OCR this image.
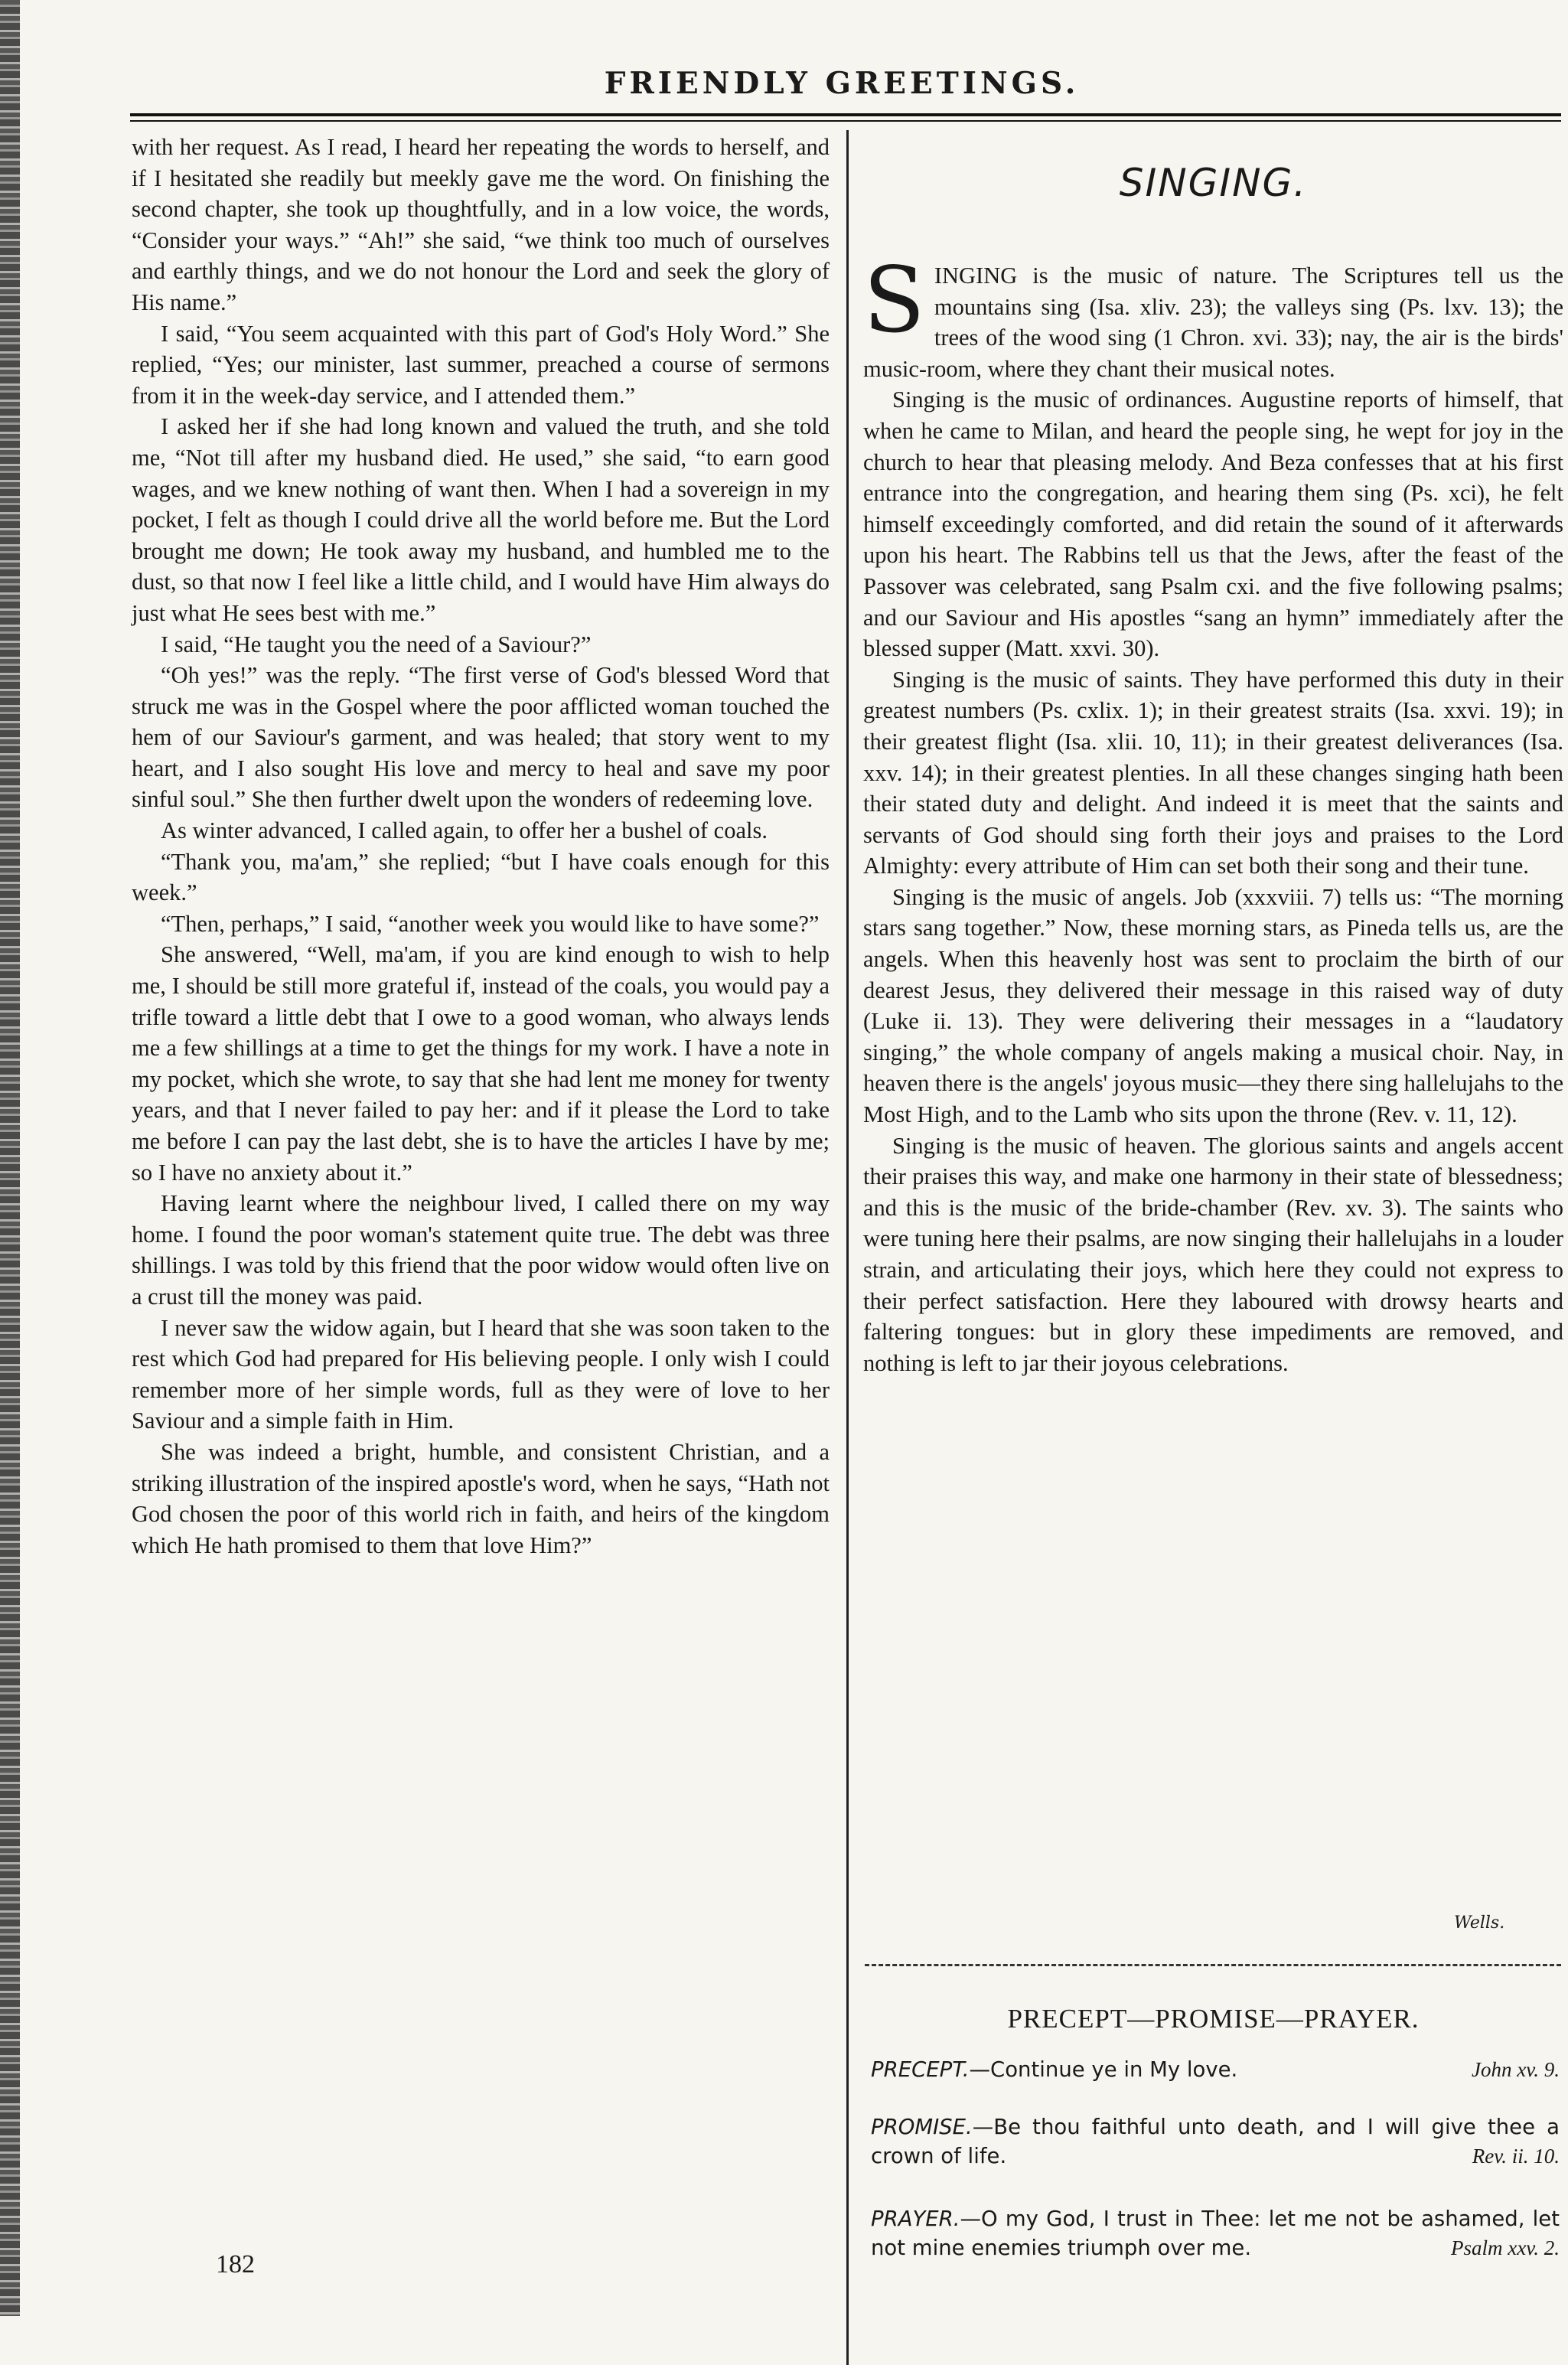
FRIENDLY GREETINGS.

with her request. As I read, I heard her repeating the words to herself, and if I hesitated she readily but meekly gave me the word. On finishing the second chapter, she took up thoughtfully, and in a low voice, the words, “Consider your ways.” “Ah!” she said, “we think too much of ourselves and earthly things, and we do not honour the Lord and seek the glory of His name.”

I said, “You seem acquainted with this part of God's Holy Word.” She replied, “Yes; our minister, last summer, preached a course of sermons from it in the week-day service, and I attended them.”

I asked her if she had long known and valued the truth, and she told me, “Not till after my husband died. He used,” she said, “to earn good wages, and we knew nothing of want then. When I had a sovereign in my pocket, I felt as though I could drive all the world before me. But the Lord brought me down; He took away my husband, and humbled me to the dust, so that now I feel like a little child, and I would have Him always do just what He sees best with me.”

I said, “He taught you the need of a Saviour?”

“Oh yes!” was the reply. “The first verse of God's blessed Word that struck me was in the Gospel where the poor afflicted woman touched the hem of our Saviour's garment, and was healed; that story went to my heart, and I also sought His love and mercy to heal and save my poor sinful soul.” She then further dwelt upon the wonders of redeeming love.

As winter advanced, I called again, to offer her a bushel of coals.

“Thank you, ma'am,” she replied; “but I have coals enough for this week.”

“Then, perhaps,” I said, “another week you would like to have some?”

She answered, “Well, ma'am, if you are kind enough to wish to help me, I should be still more grateful if, instead of the coals, you would pay a trifle toward a little debt that I owe to a good woman, who always lends me a few shillings at a time to get the things for my work. I have a note in my pocket, which she wrote, to say that she had lent me money for twenty years, and that I never failed to pay her: and if it please the Lord to take me before I can pay the last debt, she is to have the articles I have by me; so I have no anxiety about it.”

Having learnt where the neighbour lived, I called there on my way home. I found the poor woman's statement quite true. The debt was three shillings. I was told by this friend that the poor widow would often live on a crust till the money was paid.

I never saw the widow again, but I heard that she was soon taken to the rest which God had prepared for His believing people. I only wish I could remember more of her simple words, full as they were of love to her Saviour and a simple faith in Him.

She was indeed a bright, humble, and consistent Christian, and a striking illustration of the inspired apostle's word, when he says, “Hath not God chosen the poor of this world rich in faith, and heirs of the kingdom which He hath promised to them that love Him?”

182
SINGING.

SINGING is the music of nature. The Scriptures tell us the mountains sing (Isa. xliv. 23); the valleys sing (Ps. lxv. 13); the trees of the wood sing (1 Chron. xvi. 33); nay, the air is the birds' music-room, where they chant their musical notes.

Singing is the music of ordinances. Augustine reports of himself, that when he came to Milan, and heard the people sing, he wept for joy in the church to hear that pleasing melody. And Beza confesses that at his first entrance into the congregation, and hearing them sing (Ps. xci), he felt himself exceedingly comforted, and did retain the sound of it afterwards upon his heart. The Rabbins tell us that the Jews, after the feast of the Passover was celebrated, sang Psalm cxi. and the five following psalms; and our Saviour and His apostles “sang an hymn” immediately after the blessed supper (Matt. xxvi. 30).

Singing is the music of saints. They have performed this duty in their greatest numbers (Ps. cxlix. 1); in their greatest straits (Isa. xxvi. 19); in their greatest flight (Isa. xlii. 10, 11); in their greatest deliverances (Isa. xxv. 14); in their greatest plenties. In all these changes singing hath been their stated duty and delight. And indeed it is meet that the saints and servants of God should sing forth their joys and praises to the Lord Almighty: every attribute of Him can set both their song and their tune.

Singing is the music of angels. Job (xxxviii. 7) tells us: “The morning stars sang together.” Now, these morning stars, as Pineda tells us, are the angels. When this heavenly host was sent to proclaim the birth of our dearest Jesus, they delivered their message in this raised way of duty (Luke ii. 13). They were delivering their messages in a “laudatory singing,” the whole company of angels making a musical choir. Nay, in heaven there is the angels' joyous music—they there sing hallelujahs to the Most High, and to the Lamb who sits upon the throne (Rev. v. 11, 12).

Singing is the music of heaven. The glorious saints and angels accent their praises this way, and make one harmony in their state of blessedness; and this is the music of the bride-chamber (Rev. xv. 3). The saints who were tuning here their psalms, are now singing their hallelujahs in a louder strain, and articulating their joys, which here they could not express to their perfect satisfaction. Here they laboured with drowsy hearts and faltering tongues: but in glory these impediments are removed, and nothing is left to jar their joyous celebrations.

Wells.
PRECEPT—PROMISE—PRAYER.
PRECEPT.—Continue ye in My love.	John xv. 9.
PROMISE.—Be thou faithful unto death, and I will give thee a crown of life.	Rev. ii. 10.
PRAYER.—O my God, I trust in Thee: let me not be ashamed, let not mine enemies triumph over me.	Psalm xxv. 2.
